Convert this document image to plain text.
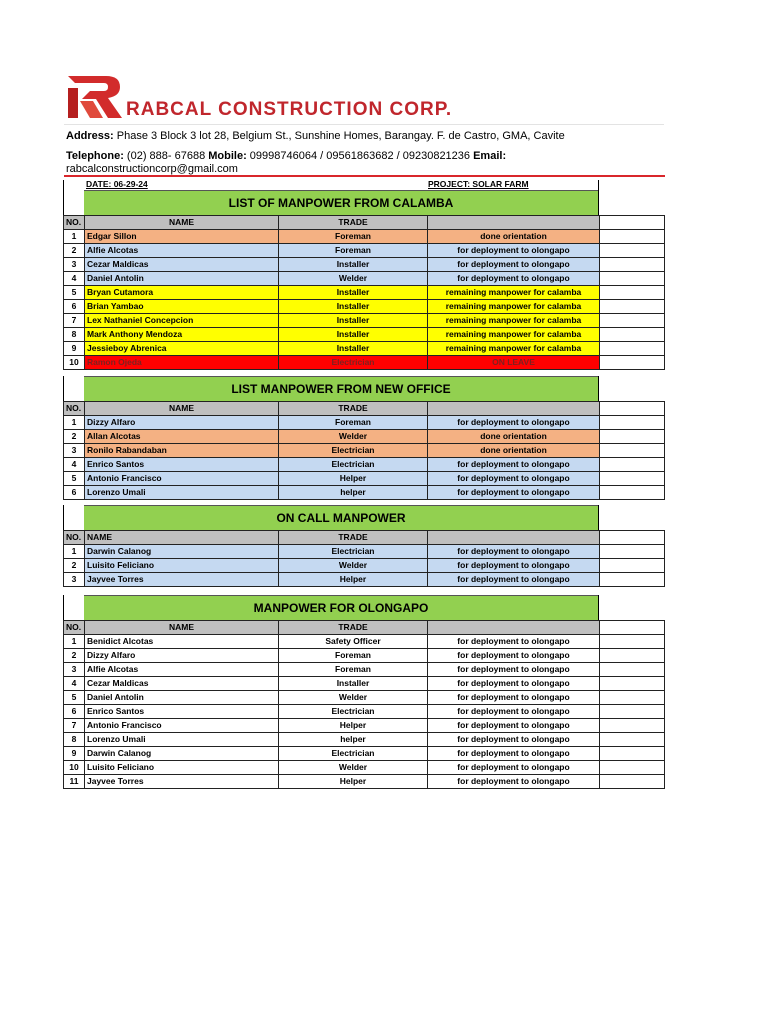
RABCAL CONSTRUCTION CORP.
Address: Phase 3 Block 3 lot 28, Belgium St., Sunshine Homes, Barangay. F. de Castro, GMA, Cavite
Telephone: (02) 888- 67688 Mobile: 09998746064 / 09561863682 / 09230821236 Email:
rabcalconstructioncorp@gmail.com
DATE: 06-29-24	PROJECT: SOLAR FARM
LIST OF MANPOWER FROM CALAMBA
NO.	NAME	TRADE		
1	Edgar Sillon	Foreman	done orientation	
2	Alfie Alcotas	Foreman	for deployment to olongapo	
3	Cezar Maldicas	Installer	for deployment to olongapo	
4	Daniel Antolin	Welder	for deployment to olongapo	
5	Bryan Cutamora	Installer	remaining manpower for calamba	
6	Brian Yambao	Installer	remaining manpower for calamba	
7	Lex Nathaniel Concepcion	Installer	remaining manpower for calamba	
8	Mark Anthony Mendoza	Installer	remaining manpower for calamba	
9	Jessieboy Abrenica	Installer	remaining manpower for calamba	
10	Ramon Ojeda	Electrician	ON LEAVE	
LIST MANPOWER FROM NEW OFFICE
NO.	NAME	TRADE		
1	Dizzy Alfaro	Foreman	for deployment to olongapo	
2	Allan Alcotas	Welder	done orientation	
3	Ronilo Rabandaban	Electrician	done orientation	
4	Enrico Santos	Electrician	for deployment to olongapo	
5	Antonio Francisco	Helper	for deployment to olongapo	
6	Lorenzo Umali	helper	for deployment to olongapo	
ON CALL MANPOWER
NO.	NAME	TRADE		
1	Darwin Calanog	Electrician	for deployment to olongapo	
2	Luisito Feliciano	Welder	for deployment to olongapo	
3	Jayvee Torres	Helper	for deployment to olongapo	
MANPOWER FOR OLONGAPO
NO.	NAME	TRADE		
1	Benidict Alcotas	Safety Officer	for deployment to olongapo	
2	Dizzy Alfaro	Foreman	for deployment to olongapo	
3	Alfie Alcotas	Foreman	for deployment to olongapo	
4	Cezar Maldicas	Installer	for deployment to olongapo	
5	Daniel Antolin	Welder	for deployment to olongapo	
6	Enrico Santos	Electrician	for deployment to olongapo	
7	Antonio Francisco	Helper	for deployment to olongapo	
8	Lorenzo Umali	helper	for deployment to olongapo	
9	Darwin Calanog	Electrician	for deployment to olongapo	
10	Luisito Feliciano	Welder	for deployment to olongapo	
11	Jayvee Torres	Helper	for deployment to olongapo	
